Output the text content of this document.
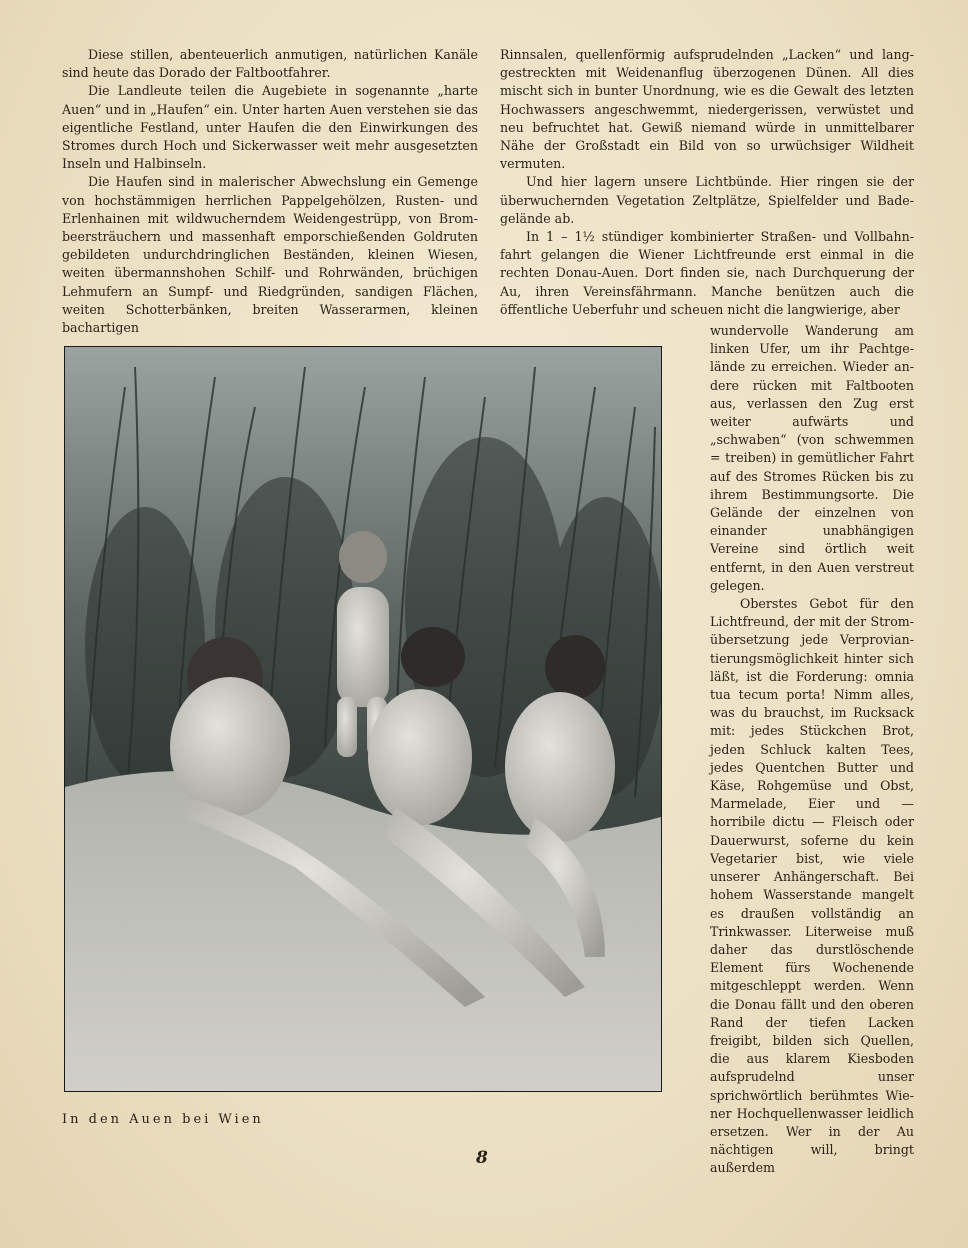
Diese stillen, abenteuerlich anmutigen, natürlichen Kanäle sind heute das Dorado der Faltbootfahrer.

Die Landleute teilen die Augebiete in sogenannte „harte Auen“ und in „Haufen“ ein. Unter harten Auen verstehen sie das eigentliche Festland, unter Haufen die den Einwirkungen des Stromes durch Hoch und Sickerwasser weit mehr ausgesetzten Inseln und Halbinseln.

Die Haufen sind in malerischer Abwechslung ein Gemenge von hochstämmigen herrlichen Pappelgehölzen, Rusten- und Erlenhainen mit wildwucherndem Weidengestrüpp, von Brombeersträuchern und massenhaft emporschießenden Goldruten gebildeten undurchdringlichen Beständen, kleinen Wiesen, weiten übermannshohen Schilf- und Rohrwänden, brüchigen Lehmufern an Sumpf- und Riedgründen, sandigen Flächen, weiten Schotterbänken, breiten Wasserarmen, kleinen bachartigen

Rinnsalen, quellenförmig aufsprudelnden „Lacken“ und langgestreckten mit Weidenanflug überzogenen Dünen. All dies mischt sich in bunter Unordnung, wie es die Gewalt des letzten Hochwassers angeschwemmt, niedergerissen, verwüstet und neu befruchtet hat. Gewiß niemand würde in unmittelbarer Nähe der Großstadt ein Bild von so urwüchsiger Wildheit vermuten.

Und hier lagern unsere Lichtbünde. Hier ringen sie der überwuchernden Vegetation Zeltplätze, Spielfelder und Badegelände ab.

In 1 – 1½ stündiger kombinierter Straßen- und Vollbahnfahrt gelangen die Wiener Lichtfreunde erst einmal in die rechten Donau-Auen. Dort finden sie, nach Durchquerung der Au, ihren Vereinsfährmann. Manche benützen auch die öffentliche Ueberfuhr und scheuen nicht die langwierige, aber

wundervolle Wanderung am linken Ufer, um ihr Pachtgelände zu erreichen. Wieder andere rücken mit Faltbooten aus, verlassen den Zug erst weiter aufwärts und „schwaben“ (von schwemmen = treiben) in gemütlicher Fahrt auf des Stromes Rücken bis zu ihrem Bestimmungsorte. Die Gelände der einzelnen von einander unabhängigen Vereine sind örtlich weit entfernt, in den Auen verstreut gelegen.

Oberstes Gebot für den Lichtfreund, der mit der Stromübersetzung jede Verproviantierungsmöglichkeit hinter sich läßt, ist die Forderung: omnia tua tecum porta! Nimm alles, was du brauchst, im Rucksack mit: jedes Stückchen Brot, jeden Schluck kalten Tees, jedes Quentchen Butter und Käse, Rohgemüse und Obst, Marmelade, Eier und — horribile dictu — Fleisch oder Dauerwurst, soferne du kein Vegetarier bist, wie viele unserer Anhängerschaft. Bei hohem Wasserstande mangelt es draußen vollständig an Trinkwasser. Literweise muß daher das durstlöschende Element fürs Wochenende mitgeschleppt werden. Wenn die Donau fällt und den oberen Rand der tiefen Lacken freigibt, bilden sich Quellen, die aus klarem Kiesboden aufsprudelnd unser sprichwörtlich berühmtes Wiener Hochquellenwasser leidlich ersetzen. Wer in der Au nächtigen will, bringt außerdem

In den Auen bei Wien
8
